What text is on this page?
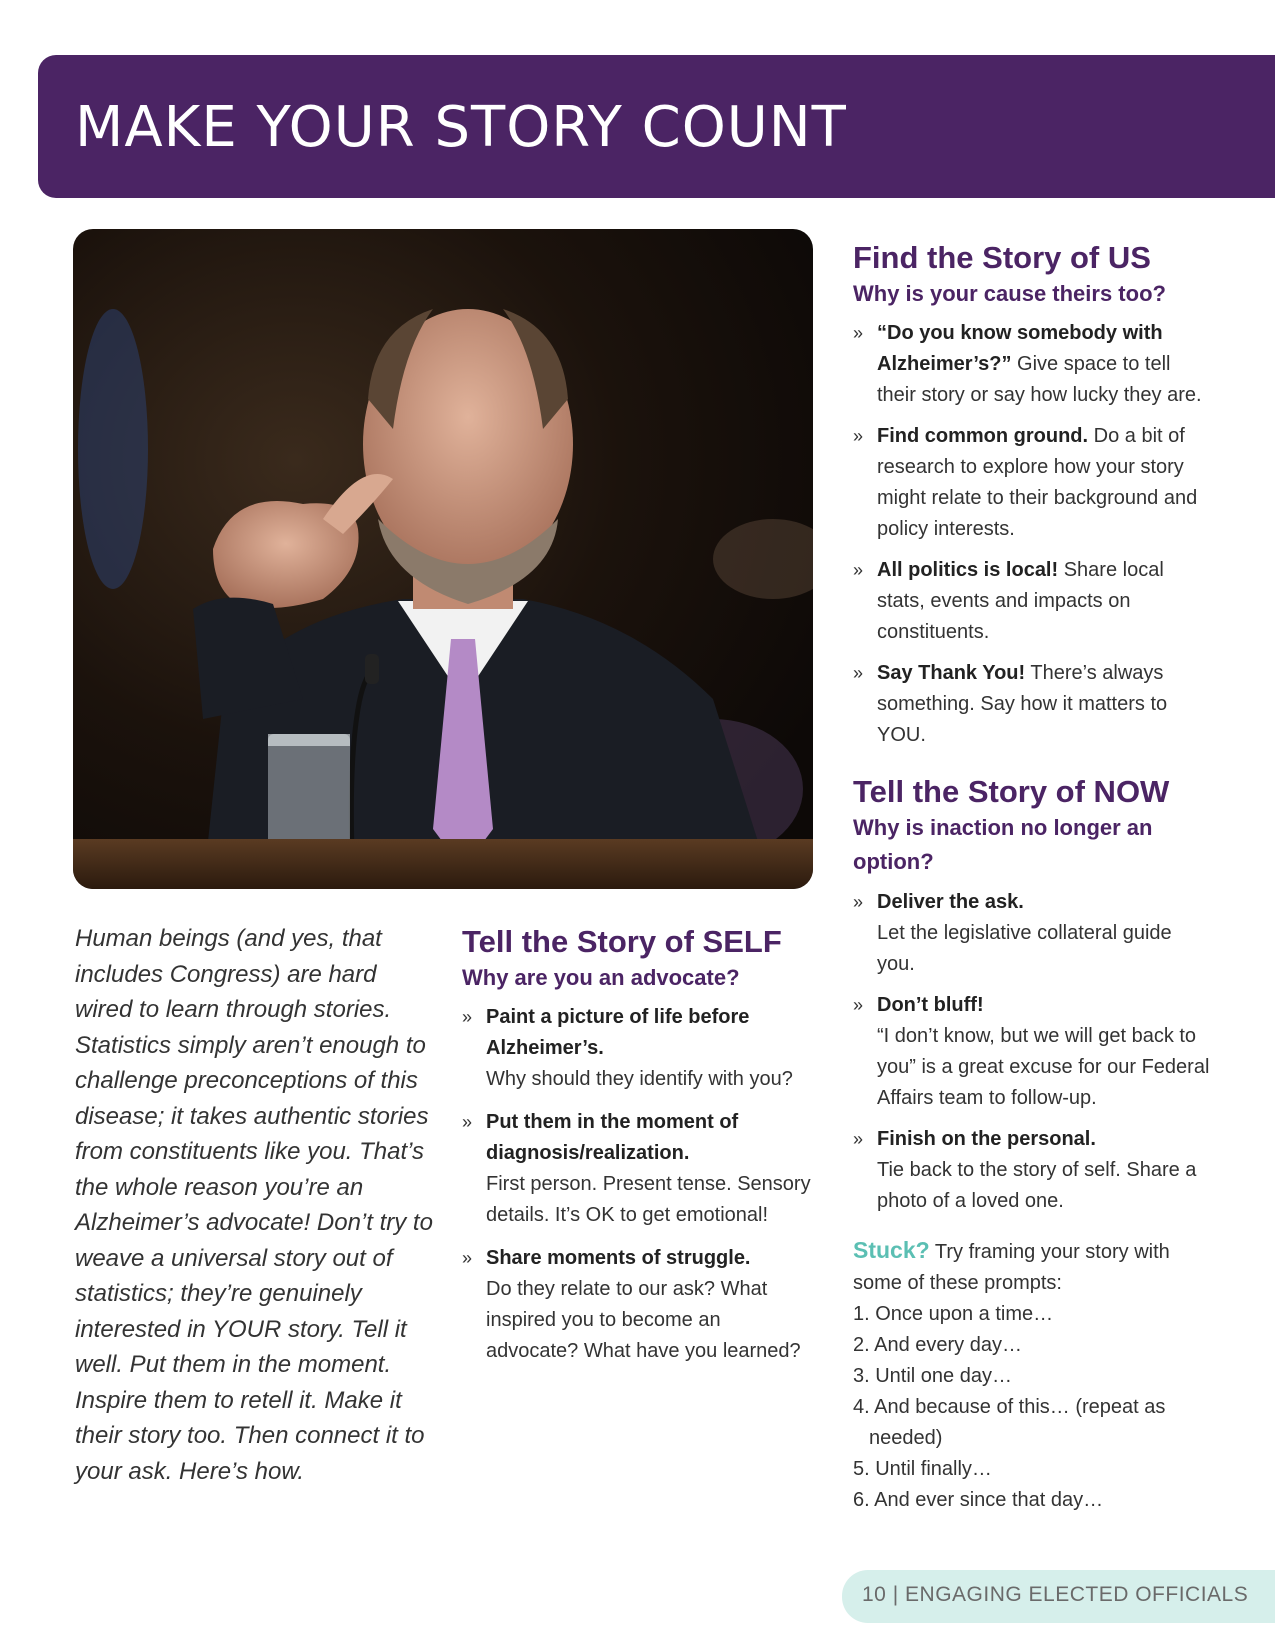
MAKE YOUR STORY COUNT

Human beings (and yes, that includes Congress) are hard wired to learn through stories. Statistics simply aren’t enough to challenge preconceptions of this disease; it takes authentic stories from constituents like you. That’s the whole reason you’re an Alzheimer’s advocate! Don’t try to weave a universal story out of statistics; they’re genuinely interested in YOUR story. Tell it well. Put them in the moment. Inspire them to retell it. Make it their story too. Then connect it to your ask. Here’s how.

Tell the Story of SELF
Why are you an advocate?
» Paint a picture of life before Alzheimer’s.
Why should they identify with you?
» Put them in the moment of diagnosis/realization.
First person. Present tense. Sensory details. It’s OK to get emotional!
» Share moments of struggle.
Do they relate to our ask? What inspired you to become an advocate? What have you learned?
Find the Story of US
Why is your cause theirs too?
» “Do you know somebody with Alzheimer’s?” Give space to tell their story or say how lucky they are.
» Find common ground. Do a bit of research to explore how your story might relate to their background and policy interests.
» All politics is local! Share local stats, events and impacts on constituents.
» Say Thank You! There’s always something. Say how it matters to YOU.
Tell the Story of NOW
Why is inaction no longer an option?
» Deliver the ask.
Let the legislative collateral guide you.
» Don’t bluff!
“I don’t know, but we will get back to you” is a great excuse for our Federal Affairs team to follow-up.
» Finish on the personal.
Tie back to the story of self. Share a photo of a loved one.

Stuck? Try framing your story with some of these prompts:

1. Once upon a time…
2. And every day…
3. Until one day…
4. And because of this… (repeat as needed)
5. Until finally…
6. And ever since that day…
10 | ENGAGING ELECTED OFFICIALS
